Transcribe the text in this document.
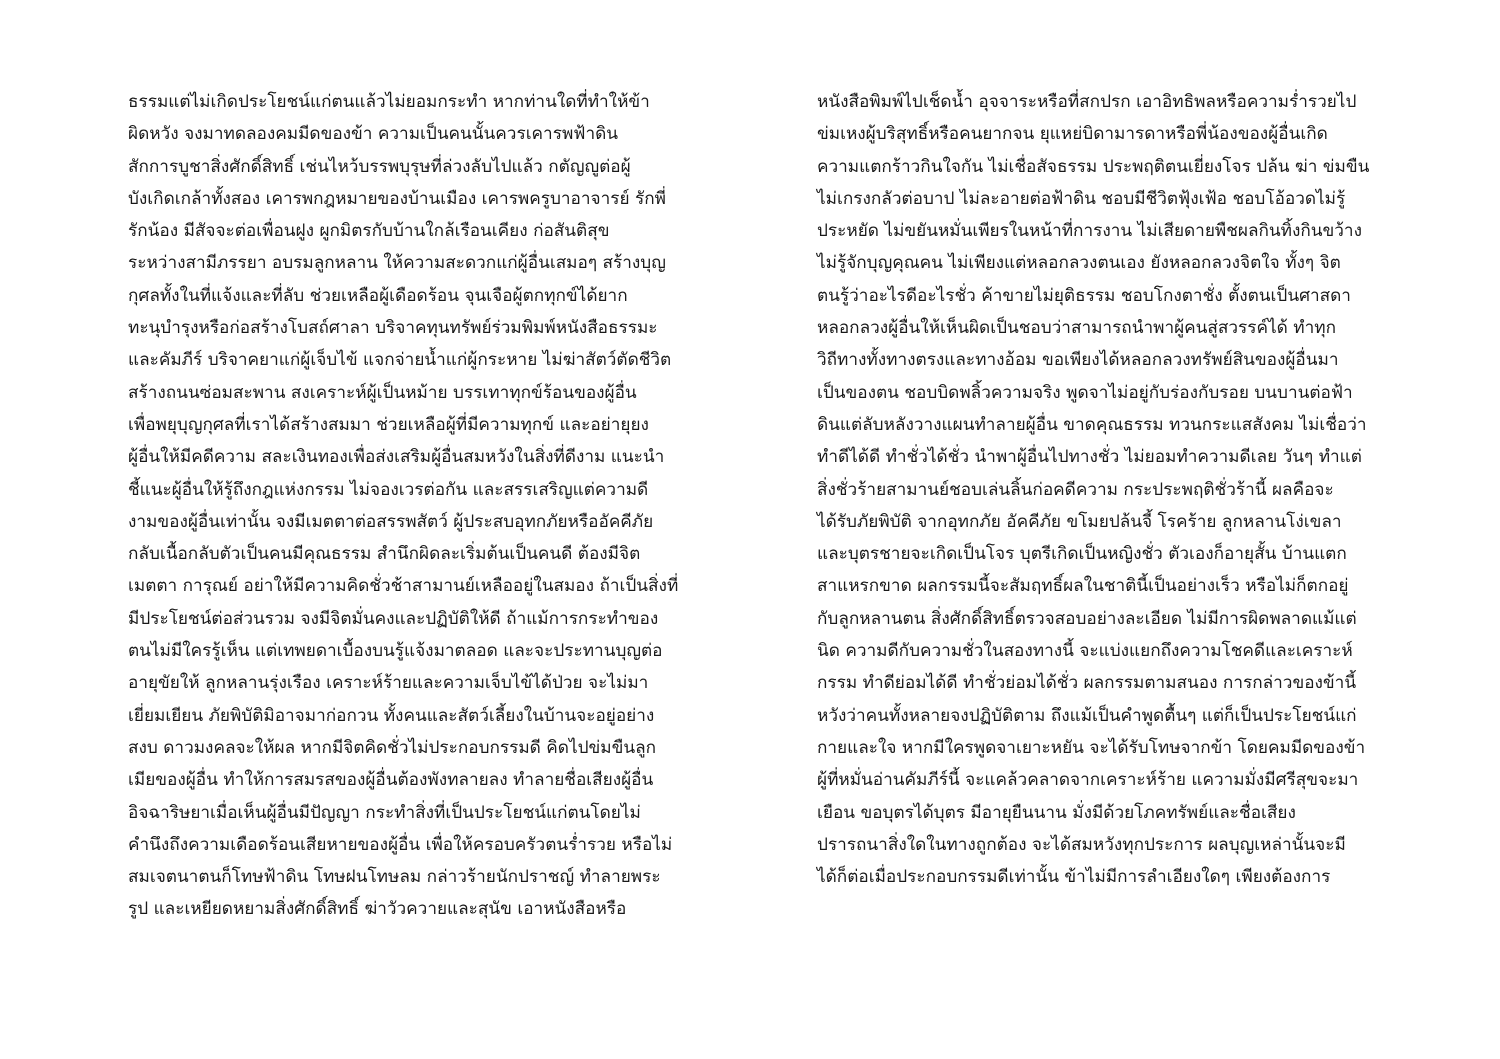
ธรรมแต่ไม่เกิดประโยชน์แก่ตนแล้วไม่ยอมกระทำ หากท่านใดที่ทำให้ข้า
ผิดหวัง จงมาทดลองคมมีดของข้า ความเป็นคนนั้นควรเคารพฟ้าดิน
สักการบูชาสิ่งศักดิ์สิทธิ์ เช่นไหว้บรรพบุรุษที่ล่วงลับไปแล้ว กตัญญูต่อผู้
บังเกิดเกล้าทั้งสอง เคารพกฎหมายของบ้านเมือง เคารพครูบาอาจารย์ รักพี่
รักน้อง มีสัจจะต่อเพื่อนฝูง ผูกมิตรกับบ้านใกล้เรือนเคียง ก่อสันติสุข
ระหว่างสามีภรรยา อบรมลูกหลาน ให้ความสะดวกแก่ผู้อื่นเสมอๆ สร้างบุญ
กุศลทั้งในที่แจ้งและที่ลับ ช่วยเหลือผู้เดือดร้อน จุนเจือผู้ตกทุกข์ได้ยาก
ทะนุบำรุงหรือก่อสร้างโบสถ์ศาลา บริจาคทุนทรัพย์ร่วมพิมพ์หนังสือธรรมะ
และคัมภีร์ บริจาคยาแก่ผู้เจ็บไข้ แจกจ่ายน้ำแก่ผู้กระหาย ไม่ฆ่าสัตว์ตัดชีวิต
สร้างถนนซ่อมสะพาน สงเคราะห์ผู้เป็นหม้าย บรรเทาทุกข์ร้อนของผู้อื่น
เพื่อพยุบุญกุศลที่เราได้สร้างสมมา ช่วยเหลือผู้ที่มีความทุกข์ และอย่ายุยง
ผู้อื่นให้มีคดีความ สละเงินทองเพื่อส่งเสริมผู้อื่นสมหวังในสิ่งที่ดีงาม แนะนำ
ชี้แนะผู้อื่นให้รู้ถึงกฎแห่งกรรม ไม่จองเวรต่อกัน และสรรเสริญแต่ความดี
งามของผู้อื่นเท่านั้น จงมีเมตตาต่อสรรพสัตว์ ผู้ประสบอุทกภัยหรืออัคคีภัย
กลับเนื้อกลับตัวเป็นคนมีคุณธรรม สำนึกผิดละเริ่มต้นเป็นคนดี ต้องมีจิต
เมตตา การุณย์ อย่าให้มีความคิดชั่วช้าสามานย์เหลืออยู่ในสมอง ถ้าเป็นสิ่งที่
มีประโยชน์ต่อส่วนรวม จงมีจิตมั่นคงและปฏิบัติให้ดี ถ้าแม้การกระทำของ
ตนไม่มีใครรู้เห็น แต่เทพยดาเบื้องบนรู้แจ้งมาตลอด และจะประทานบุญต่อ
อายุขัยให้ ลูกหลานรุ่งเรือง เคราะห์ร้ายและความเจ็บไข้ได้ป่วย จะไม่มา
เยี่ยมเยียน ภัยพิบัติมิอาจมาก่อกวน ทั้งคนและสัตว์เลี้ยงในบ้านจะอยู่อย่าง
สงบ ดาวมงคลจะให้ผล หากมีจิตคิดชั่วไม่ประกอบกรรมดี คิดไปข่มขืนลูก
เมียของผู้อื่น ทำให้การสมรสของผู้อื่นต้องพังทลายลง ทำลายชื่อเสียงผู้อื่น
อิจฉาริษยาเมื่อเห็นผู้อื่นมีปัญญา กระทำสิ่งที่เป็นประโยชน์แก่ตนโดยไม่
คำนึงถึงความเดือดร้อนเสียหายของผู้อื่น เพื่อให้ครอบครัวตนร่ำรวย หรือไม่
สมเจตนาตนก็โทษฟ้าดิน โทษฝนโทษลม กล่าวร้ายนักปราชญ์ ทำลายพระ
รูป และเหยียดหยามสิ่งศักดิ์สิทธิ์ ฆ่าวัวควายและสุนัข เอาหนังสือหรือ
หนังสือพิมพ์ไปเช็ดน้ำ อุจจาระหรือที่สกปรก เอาอิทธิพลหรือความร่ำรวยไป
ข่มเหงผู้บริสุทธิ์หรือคนยากจน ยุแหย่บิดามารดาหรือพี่น้องของผู้อื่นเกิด
ความแตกร้าวกินใจกัน ไม่เชื่อสัจธรรม ประพฤติตนเยี่ยงโจร ปล้น ฆ่า ข่มขืน
ไม่เกรงกลัวต่อบาป ไม่ละอายต่อฟ้าดิน ชอบมีชีวิตฟุ้งเฟ้อ ชอบโอ้อวดไม่รู้
ประหยัด ไม่ขยันหมั่นเพียรในหน้าที่การงาน ไม่เสียดายพืชผลกินทิ้งกินขว้าง
ไม่รู้จักบุญคุณคน ไม่เพียงแต่หลอกลวงตนเอง ยังหลอกลวงจิตใจ ทั้งๆ จิต
ตนรู้ว่าอะไรดีอะไรชั่ว ค้าขายไม่ยุติธรรม ชอบโกงตาชั่ง ตั้งตนเป็นศาสดา
หลอกลวงผู้อื่นให้เห็นผิดเป็นชอบว่าสามารถนำพาผู้คนสู่สวรรค์ได้ ทำทุก
วิถีทางทั้งทางตรงและทางอ้อม ขอเพียงได้หลอกลวงทรัพย์สินของผู้อื่นมา
เป็นของตน ชอบบิดพลิ้วความจริง พูดจาไม่อยู่กับร่องกับรอย บนบานต่อฟ้า
ดินแต่ลับหลังวางแผนทำลายผู้อื่น ขาดคุณธรรม ทวนกระแสสังคม ไม่เชื่อว่า
ทำดีได้ดี ทำชั่วได้ชั่ว นำพาผู้อื่นไปทางชั่ว ไม่ยอมทำความดีเลย วันๆ ทำแต่
สิ่งชั่วร้ายสามานย์ชอบเล่นลิ้นก่อคดีความ กระประพฤติชั่วร้านี้ ผลคือจะ
ได้รับภัยพิบัติ จากอุทกภัย อัคคีภัย ขโมยปล้นจี้ โรคร้าย ลูกหลานโง่เขลา
และบุตรชายจะเกิดเป็นโจร บุตรีเกิดเป็นหญิงชั่ว ตัวเองก็อายุสั้น บ้านแตก
สาแหรกขาด ผลกรรมนี้จะสัมฤทธิ์ผลในชาตินี้เป็นอย่างเร็ว หรือไม่ก็ตกอยู่
กับลูกหลานตน สิ่งศักดิ์สิทธิ์ตรวจสอบอย่างละเอียด ไม่มีการผิดพลาดแม้แต่
นิด ความดีกับความชั่วในสองทางนี้ จะแบ่งแยกถึงความโชคดีและเคราะห์
กรรม ทำดีย่อมได้ดี ทำชั่วย่อมได้ชั่ว ผลกรรมตามสนอง การกล่าวของข้านี้
หวังว่าคนทั้งหลายจงปฏิบัติตาม ถึงแม้เป็นคำพูดตื้นๆ แต่ก็เป็นประโยชน์แก่
กายและใจ หากมีใครพูดจาเยาะหยัน จะได้รับโทษจากข้า โดยคมมีดของข้า
ผู้ที่หมั่นอ่านคัมภีร์นี้ จะแคล้วคลาดจากเคราะห์ร้าย แความมั่งมีศรีสุขจะมา
เยือน ขอบุตรได้บุตร มีอายุยืนนาน มั่งมีด้วยโภคทรัพย์และชื่อเสียง
ปรารถนาสิ่งใดในทางถูกต้อง จะได้สมหวังทุกประการ ผลบุญเหล่านั้นจะมี
ได้ก็ต่อเมื่อประกอบกรรมดีเท่านั้น ข้าไม่มีการลำเอียงใดๆ เพียงต้องการ
